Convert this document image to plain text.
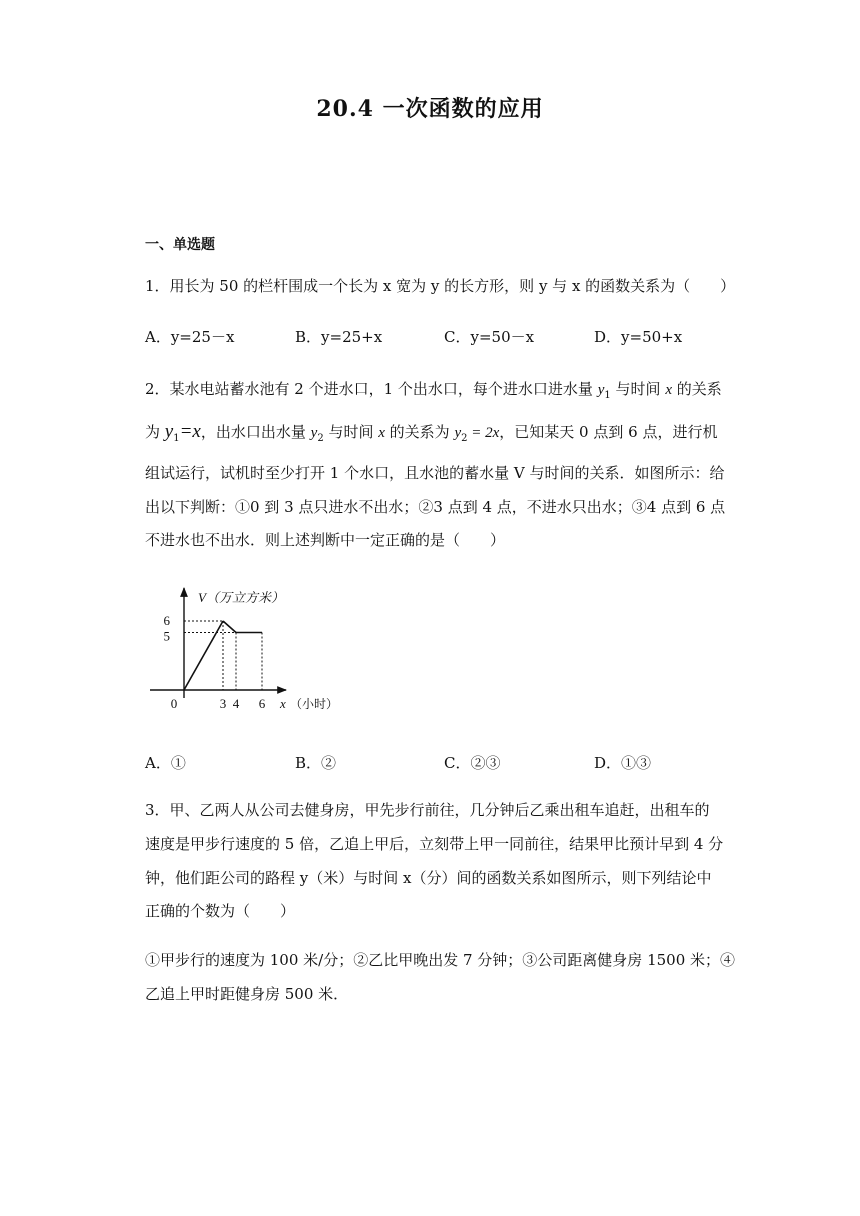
20.4 一次函数的应用
一、单选题
1．用长为 50 的栏杆围成一个长为 x 宽为 y 的长方形，则 y 与 x 的函数关系为（　　）
A．y=25－x	B．y=25+x	C．y=50－x	D．y=50+x
2．某水电站蓄水池有 2 个进水口，1 个出水口，每个进水口进水量 $y_1$ 与时间 x 的关系
为 $y_1=x$，出水口出水量 $y_2$ 与时间 x 的关系为 $y_2 = 2x$，已知某天 0 点到 6 点，进行机
组试运行，试机时至少打开 1 个水口，且水池的蓄水量 V 与时间的关系．如图所示：给
出以下判断：①0 到 3 点只进水不出水；②3 点到 4 点，不进水只出水；③4 点到 6 点
不进水也不出水．则上述判断中一定正确的是（　　）
V（万立方米）
6
5
0	3 4 6 x （小时）
A．①	B．②	C．②③	D．①③
3．甲、乙两人从公司去健身房，甲先步行前往，几分钟后乙乘出租车追赶，出租车的
速度是甲步行速度的 5 倍，乙追上甲后，立刻带上甲一同前往，结果甲比预计早到 4 分
钟，他们距公司的路程 y（米）与时间 x（分）间的函数关系如图所示，则下列结论中
正确的个数为（　　）
①甲步行的速度为 100 米/分；②乙比甲晚出发 7 分钟；③公司距离健身房 1500 米；④
乙追上甲时距健身房 500 米．
